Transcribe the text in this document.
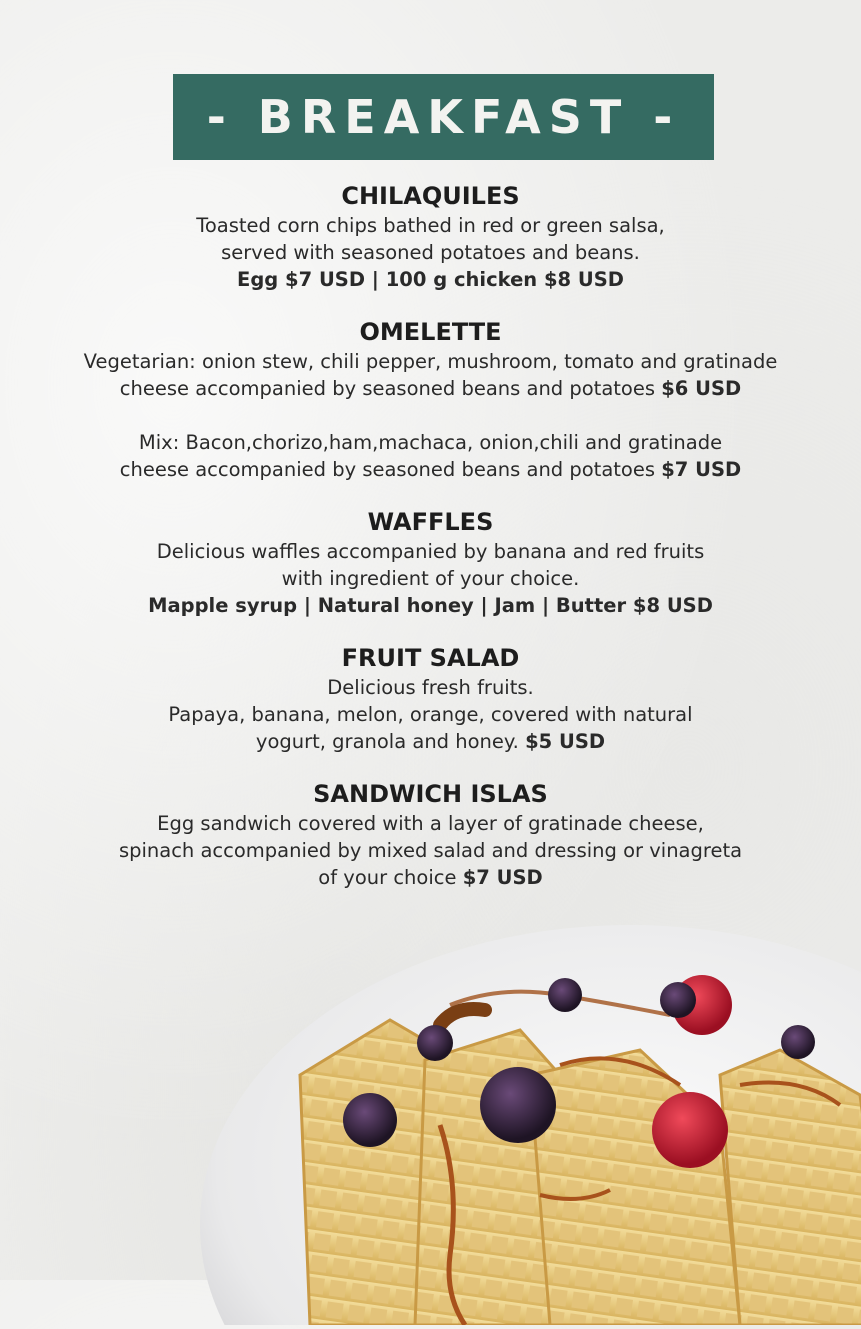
- BREAKFAST -
CHILAQUILES
Toasted corn chips bathed in red or green salsa,
served with seasoned potatoes and beans.
Egg $7 USD | 100 g chicken $8 USD
OMELETTE
Vegetarian: onion stew, chili pepper, mushroom, tomato and gratinade
cheese accompanied by seasoned beans and potatoes $6 USD
Mix: Bacon,chorizo,ham,machaca, onion,chili and gratinade
cheese accompanied by seasoned beans and potatoes $7 USD
WAFFLES
Delicious waffles accompanied by banana and red fruits
with ingredient of your choice.
Mapple syrup | Natural honey | Jam | Butter $8 USD
FRUIT SALAD
Delicious fresh fruits.
Papaya, banana, melon, orange, covered with natural
yogurt, granola and honey. $5 USD
SANDWICH ISLAS
Egg sandwich covered with a layer of gratinade cheese,
spinach accompanied by mixed salad and dressing or vinagreta
of your choice $7 USD
